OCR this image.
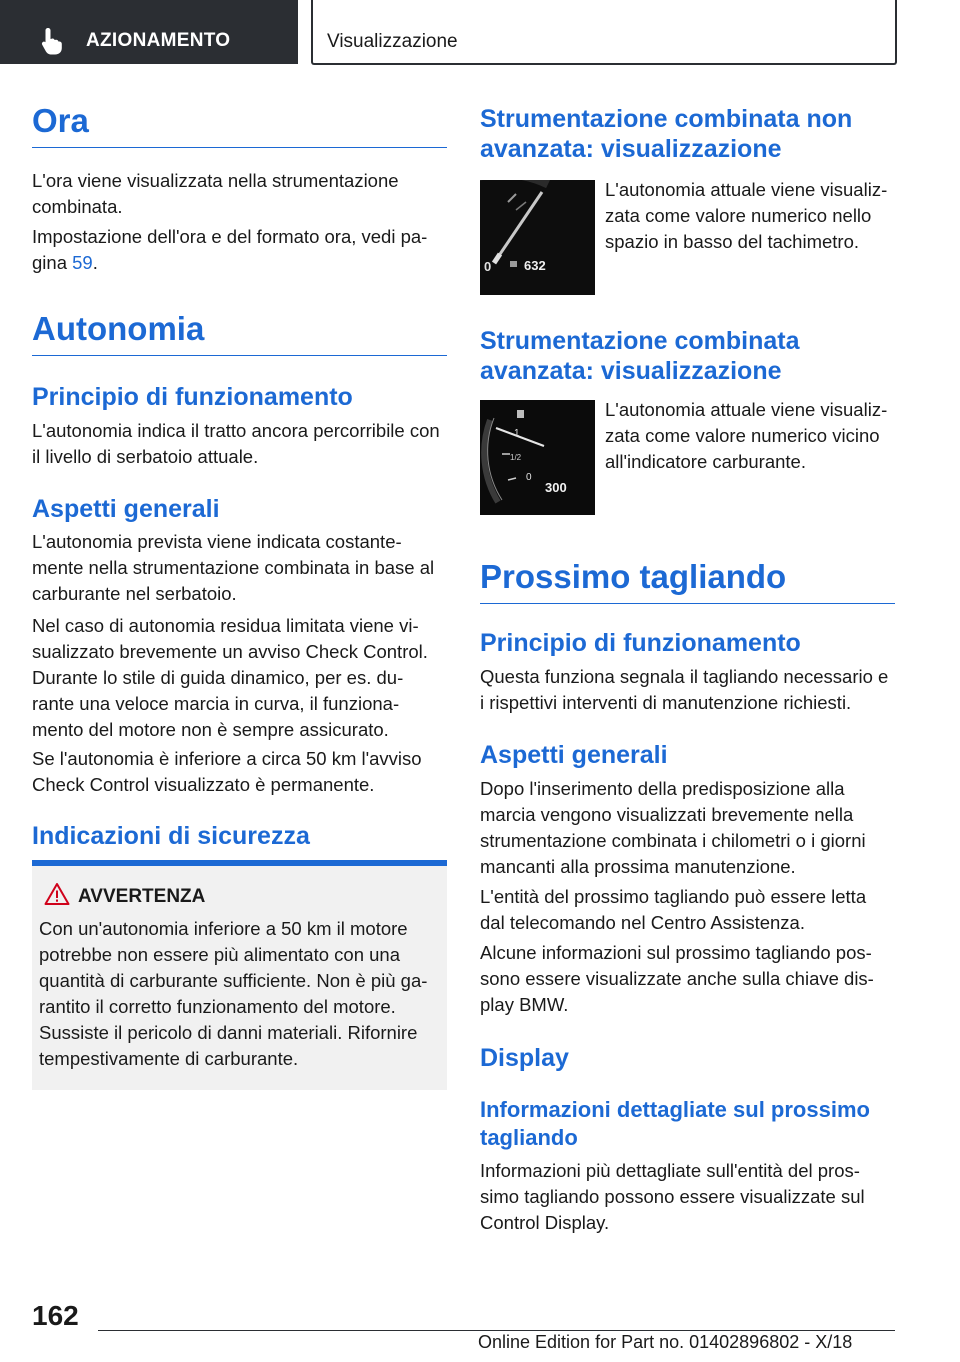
AZIONAMENTO	Visualizzazione
Ora
L'ora viene visualizzata nella strumentazione combinata.
Impostazione dell'ora e del formato ora, vedi pa‐ gina 59.
Autonomia
Principio di funzionamento
L'autonomia indica il tratto ancora percorribile con il livello di serbatoio attuale.
Aspetti generali
L'autonomia prevista viene indicata costante‐ mente nella strumentazione combinata in base al carburante nel serbatoio.
Nel caso di autonomia residua limitata viene vi‐ sualizzato brevemente un avviso Check Control. Durante lo stile di guida dinamico, per es. du‐ rante una veloce marcia in curva, il funziona‐ mento del motore non è sempre assicurato.
Se l'autonomia è inferiore a circa 50 km l'avviso Check Control visualizzato è permanente.
Indicazioni di sicurezza
AVVERTENZA
Con un'autonomia inferiore a 50 km il motore potrebbe non essere più alimentato con una quantità di carburante sufficiente. Non è più ga‐ rantito il corretto funzionamento del motore. Sussiste il pericolo di danni materiali. Rifornire tempestivamente di carburante.
Strumentazione combinata non avanzata: visualizzazione
0	632
L'autonomia attuale viene visualiz‐ zata come valore numerico nello spazio in basso del tachimetro.
Strumentazione combinata avanzata: visualizzazione
1
1/2
0
300
L'autonomia attuale viene visualiz‐ zata come valore numerico vicino all'indicatore carburante.
Prossimo tagliando
Principio di funzionamento
Questa funziona segnala il tagliando necessario e i rispettivi interventi di manutenzione richiesti.
Aspetti generali
Dopo l'inserimento della predisposizione alla marcia vengono visualizzati brevemente nella strumentazione combinata i chilometri o i giorni mancanti alla prossima manutenzione.
L'entità del prossimo tagliando può essere letta dal telecomando nel Centro Assistenza.
Alcune informazioni sul prossimo tagliando pos‐ sono essere visualizzate anche sulla chiave dis‐ play BMW.
Display
Informazioni dettagliate sul prossimo tagliando
Informazioni più dettagliate sull'entità del pros‐ simo tagliando possono essere visualizzate sul Control Display.
162
Online Edition for Part no. 01402896802 - X/18
